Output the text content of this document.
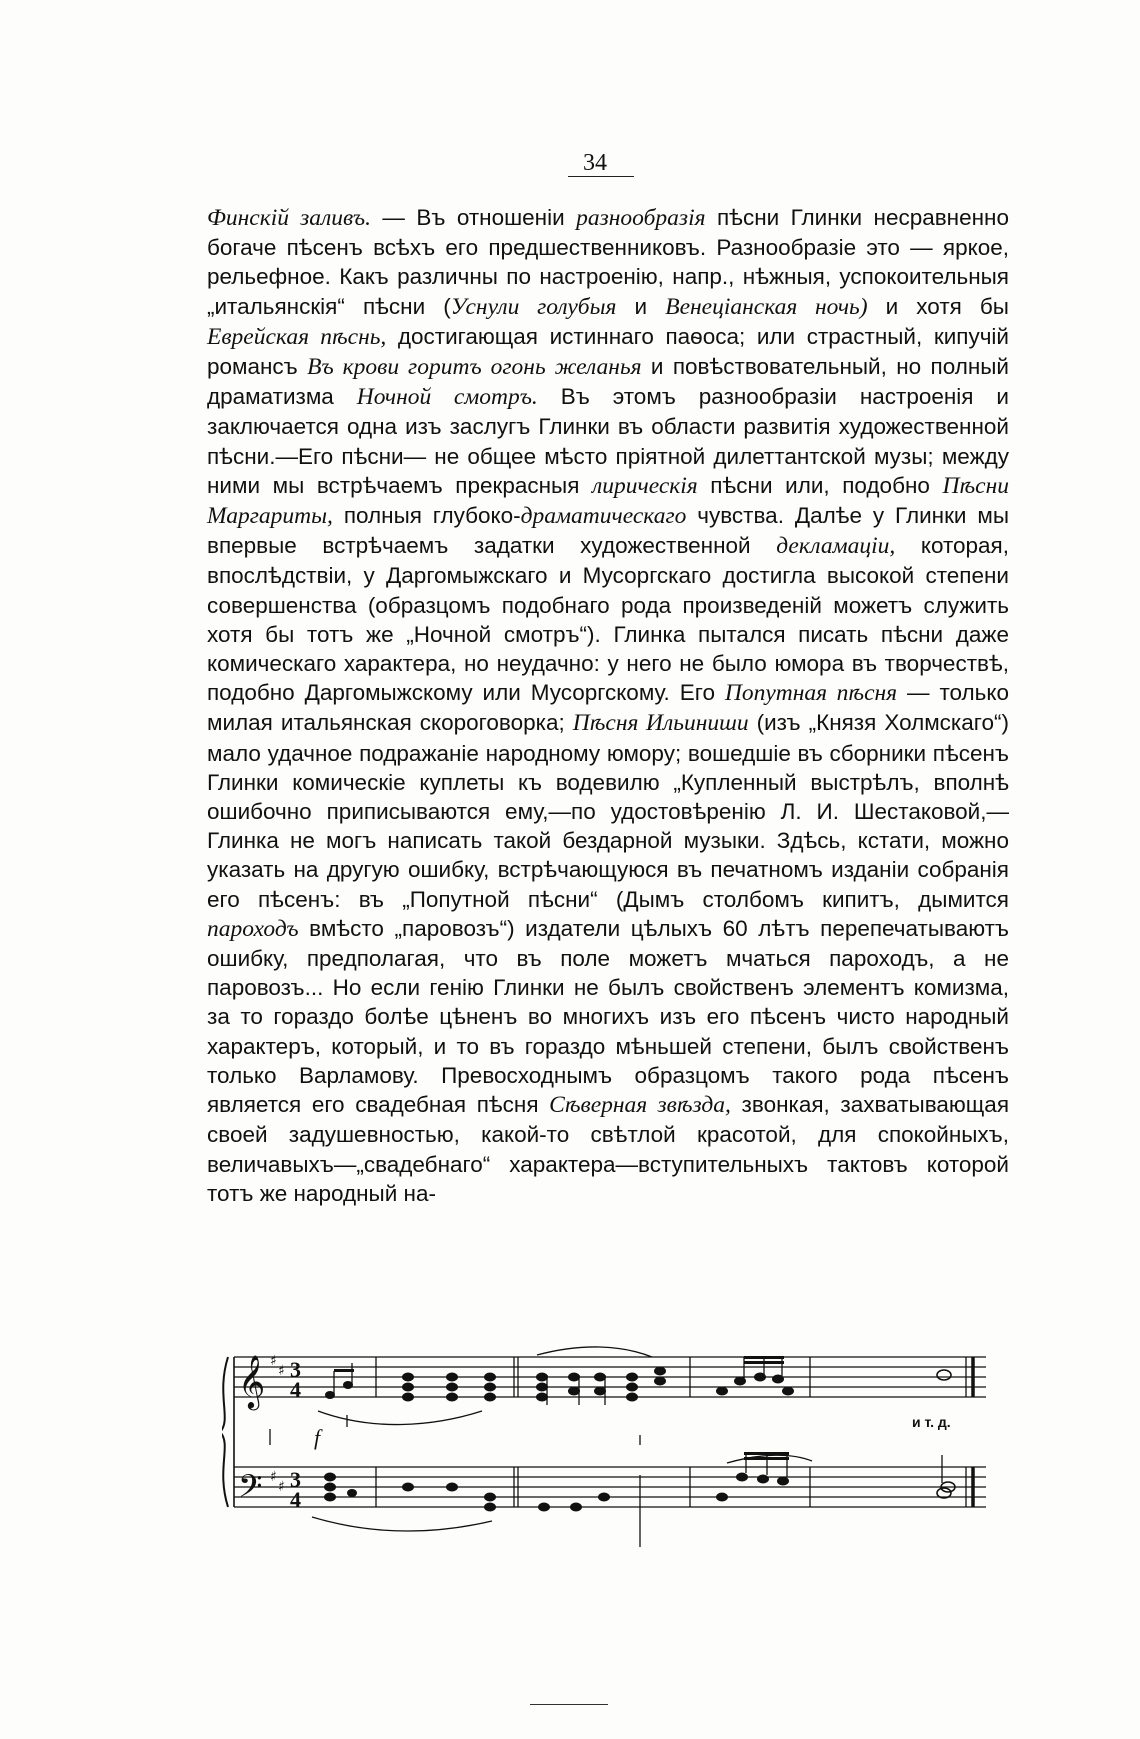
34

Финскій заливъ. — Въ отношеніи разнообразія пѣсни Глинки несравненно богаче пѣсенъ всѣхъ его предшественниковъ. Разнообразіе это — яркое, рельефное. Какъ различны по настроенію, напр., нѣжныя, успокоительныя „итальянскія“ пѣсни (Уснули голубыя и Венеціанская ночь) и хотя бы Еврейская пѣснь, достигающая истиннаго паѳоса; или страстный, кипучій романсъ Въ крови горитъ огонь желанья и повѣствовательный, но полный драматизма Ночной смотръ. Въ этомъ разнообразіи настроенія и заключается одна изъ заслугъ Глинки въ области развитія художественной пѣсни.—Его пѣсни— не общее мѣсто пріятной дилеттантской музы; между ними мы встрѣчаемъ прекрасныя лирическія пѣсни или, подобно Пѣсни Маргариты, полныя глубоко-драматическаго чувства. Далѣе у Глинки мы впервые встрѣчаемъ задатки художественной декламаціи, которая, впослѣдствіи, у Даргомыжскаго и Мусоргскаго достигла высокой степени совершенства (образцомъ подобнаго рода произведеній можетъ служить хотя бы тотъ же „Ночной смотръ“). Глинка пытался писать пѣсни даже комическаго характера, но неудачно: у него не было юмора въ творчествѣ, подобно Даргомыжскому или Мусоргскому. Его Попутная пѣсня — только милая итальянская скороговорка; Пѣсня Ильиниши (изъ „Князя Холмскаго“) мало удачное подражаніе народному юмору; вошедшіе въ сборники пѣсенъ Глинки комическіе куплеты къ водевилю „Купленный выстрѣлъ, вполнѣ ошибочно приписываются ему,—по удостовѣренію Л. И. Шестаковой,—Глинка не могъ написать такой бездарной музыки. Здѣсь, кстати, можно указать на другую ошибку, встрѣчающуюся въ печатномъ изданіи собранія его пѣсенъ: въ „Попутной пѣсни“ (Дымъ столбомъ кипитъ, дымится пароходъ вмѣсто „паровозъ“) издатели цѣлыхъ 60 лѣтъ перепечатываютъ ошибку, предполагая, что въ поле можетъ мчаться пароходъ, а не паровозъ... Но если генію Глинки не былъ свойственъ элементъ комизма, за то гораздо болѣе цѣненъ во многихъ изъ его пѣсенъ чисто народный характеръ, который, и то въ гораздо мѣньшей степени, былъ свойственъ только Варламову. Превосходнымъ образцомъ такого рода пѣсенъ является его свадебная пѣсня Сѣверная звѣзда, звонкая, захватывающая своей задушевностью, какой-то свѣтлой красотой, для спокойныхъ, величавыхъ—„свадебнаго“ характера—вступительныхъ тактовъ которой тотъ же народный на-

𝄞
𝄢
♯
♯
♯
♯
3
4
3
4
f
и т. д.
